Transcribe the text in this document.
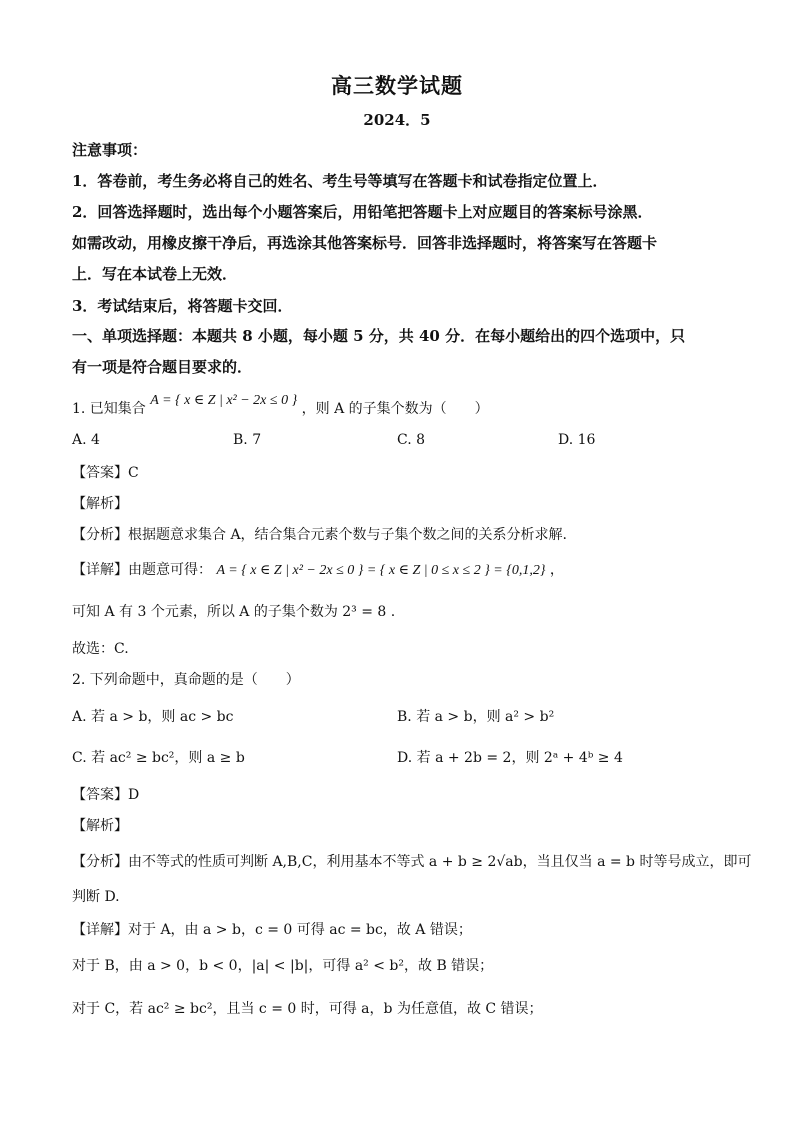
高三数学试题
2024．5
注意事项：
1．答卷前，考生务必将自己的姓名、考生号等填写在答题卡和试卷指定位置上．
2．回答选择题时，选出每个小题答案后，用铅笔把答题卡上对应题目的答案标号涂黑．
如需改动，用橡皮擦干净后，再选涂其他答案标号．回答非选择题时，将答案写在答题卡
上．写在本试卷上无效．
3．考试结束后，将答题卡交回．
一、单项选择题：本题共 8 小题，每小题 5 分，共 40 分．在每小题给出的四个选项中，只
有一项是符合题目要求的．
1. 已知集合 A = { x ∈ Z | x² − 2x ≤ 0 } ，则 A 的子集个数为（　　）
A. 4	B. 7	C. 8	D. 16
【答案】C
【解析】
【分析】根据题意求集合 A，结合集合元素个数与子集个数之间的关系分析求解.
【详解】由题意可得： A = { x ∈ Z | x² − 2x ≤ 0 } = { x ∈ Z | 0 ≤ x ≤ 2 } = {0,1,2} ，
可知 A 有 3 个元素，所以 A 的子集个数为 2³ = 8 .
故选：C.
2. 下列命题中，真命题的是（　　）
A. 若 a > b，则 ac > bc	B. 若 a > b，则 a² > b²
C. 若 ac² ≥ bc²，则 a ≥ b	D. 若 a + 2b = 2，则 2ᵃ + 4ᵇ ≥ 4
【答案】D
【解析】
【分析】由不等式的性质可判断 A,B,C，利用基本不等式 a + b ≥ 2√ab，当且仅当 a = b 时等号成立，即可
判断 D.
【详解】对于 A，由 a > b，c = 0 可得 ac = bc，故 A 错误；
对于 B，由 a > 0，b < 0，|a| < |b|，可得 a² < b²，故 B 错误；
对于 C，若 ac² ≥ bc²，且当 c = 0 时，可得 a，b 为任意值，故 C 错误；
